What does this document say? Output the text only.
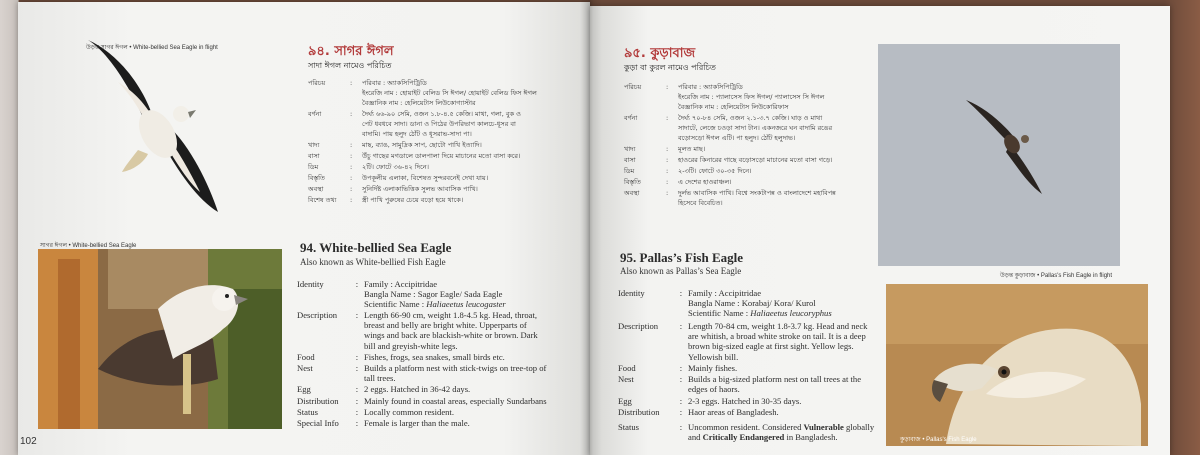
উড়ন্ত সাগর ঈগল • White-bellied Sea Eagle in flight	৯৪. সাগর ঈগল
সাদা ঈগল নামেও পরিচিত
পরিচয়	:	পরিবার : অ্যাকসিপিট্রিডি
ইংরেজি নাম : হোয়াইট বেলিড সি ঈগল/ হোয়াইট বেলিড ফিস ঈগল
বৈজ্ঞানিক নাম : হেলিয়েটাস লিউকোগ্যাস্টার
বর্ণনা	:	দৈর্ঘ্য ৬৬-৯০ সেমি, ওজন ১.৮-৪.৫ কেজি। মাথা, গলা, বুক ও
পেট ধবধবে সাদা। ডানা ও পিঠের উপরিভাগ কালচে-ধূসর বা
বাদামি। পায় হলুদ ঠোঁট ও ধূসরাভ-সাদা পা।
খাদ্য	:	মাছ, ব্যাঙ, সামুদ্রিক সাপ, ছোটো পাখি ইত্যাদি।
বাসা	:	উঁচু গাছের মগডালে ডালপালা দিয়ে মাচানের মতো বাসা করে।
ডিম	:	২টি। ফোটে ৩৬-৪২ দিনে।
বিস্তৃতি	:	উপকূলীয় এলাকা, বিশেষত সুন্দরবনেই দেখা যায়।
অবস্থা	:	সুনির্দিষ্ট এলাকাভিত্তিক সুলভ আবাসিক পাখি।
বিশেষ তথ্য	:	স্ত্রী পাখি পুরুষের চেয়ে বড়ো হয়ে থাকে।
সাগর ঈগল • White-bellied Sea Eagle	94. White-bellied Sea Eagle
Also known as White-bellied Fish Eagle
Identity	: Family : Accipitridae
Bangla Name : Sagor Eagle/ Sada Eagle
Scientific Name : Haliaeetus leucogaster
Description	: Length 66-90 cm, weight 1.8-4.5 kg. Head, throat,
breast and belly are bright white. Upperparts of
wings and back are blackish-white or brown. Dark
bill and greyish-white legs.
Food	: Fishes, frogs, sea snakes, small birds etc.
Nest	: Builds a platform nest with stick-twigs on tree-top of
tall trees.
Egg	: 2 eggs. Hatched in 36-42 days.
Distribution	: Mainly found in coastal areas, especially Sundarbans
Status	: Locally common resident.
Special Info	: Female is larger than the male.
102
৯৫. কুড়াবাজ
কুড়া বা কুরল নামেও পরিচিত
পরিচয়	:	পরিবার : অ্যাকসিপিট্রিডি
ইংরেজি নাম : প্যালাসেস ফিস ঈগল/ প্যালাসেস সি ঈগল
বৈজ্ঞানিক নাম : হেলিয়েটাস লিউকোরিফাস
বর্ণনা	:	দৈর্ঘ্য ৭০-৮৪ সেমি, ওজন ২.১-৩.৭ কেজি। ঘাড় ও মাথা
সাদাটে, লেজে চওড়া সাদা টান। একনজরে ঘন বাদামি রঙের
বড়োসড়ো ঈগল এটি। পা হলুদ। ঠোঁট হলুদাভ।
খাদ্য	:	মূলত মাছ।
বাসা	:	হাওরের কিনারের গাছে বড়োসড়ো মাচানের মতো বাসা গড়ে।
ডিম	:	২-৩টি। ফোটে ৩০-৩৫ দিনে।
বিস্তৃতি	:	এ দেশের হাওরাঞ্চল।
অবস্থা	:	দুর্লভ আবাসিক পাখি। বিশ্বে সংকটাপন্ন ও বাংলাদেশে মহাবিপন্ন
হিসেবে বিবেচিত।
উড়ন্ত কুড়াবাজ • Pallas's Fish Eagle in flight
95. Pallas’s Fish Eagle
Also known as Pallas’s Sea Eagle
Identity	: Family : Accipitridae
Bangla Name : Korabaj/ Kora/ Kurol
Scientific Name : Haliaeetus leucoryphus
Description	: Length 70-84 cm, weight 1.8-3.7 kg. Head and neck
are whitish, a broad white stroke on tail. It is a deep
brown big-sized eagle at first sight. Yellow legs.
Yellowish bill.
Food	: Mainly fishes.
Nest	: Builds a big-sized platform nest on tall trees at the
edges of haors.
Egg	: 2-3 eggs. Hatched in 30-35 days.
Distribution	: Haor areas of Bangladesh.
Status	: Uncommon resident. Considered Vulnerable globally
and Critically Endangered in Bangladesh.	কুড়াবাজ • Pallas's Fish Eagle
